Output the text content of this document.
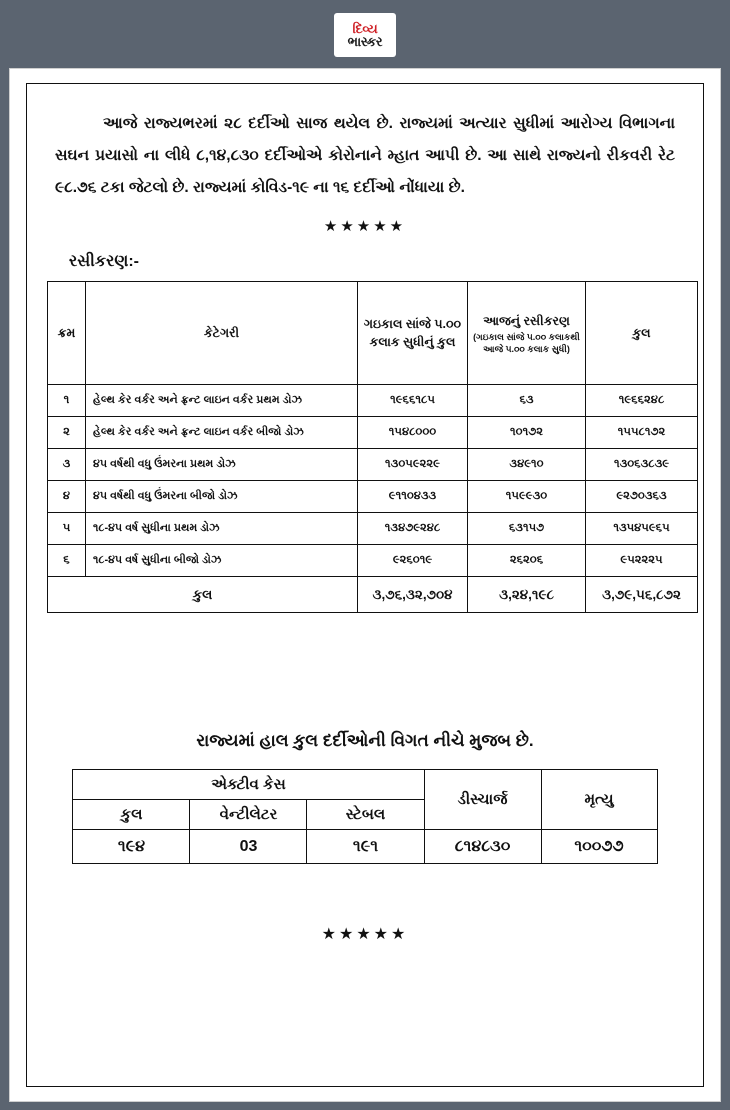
દિવ્ય
ભાસ્કર

આજે રાજ્યભરમાં ૨૮ દર્દીઓ સાજ થયેલ છે. રાજ્યમાં અત્યાર સુધીમાં આરોગ્ય વિભાગના સઘન પ્રયાસો ના લીધે ૮,૧૪,૮૩૦ દર્દીઓએ કોરોનાને મ્હાત આપી છે. આ સાથે રાજ્યનો રીકવરી રેટ ૯૮.૭૬ ટકા જેટલો છે. રાજ્યમાં કોવિડ-૧૯ ના ૧૬ દર્દીઓ નોંધાયા છે.

★★★★★
રસીકરણ:-
ક્રમ	કેટેગરી	ગઇકાલ સાંજે ૫.૦૦ કલાક સુધીનું કુલ	આજનું રસીકરણ
(ગઇકાલ સાંજે ૫.૦૦ કલાકથી આજે ૫.૦૦ કલાક સુધી)	કુલ
૧	હેલ્થ કેર વર્કર અને ફ્રન્ટ લાઇન વર્કર પ્રથમ ડોઝ	૧૯૬૬૧૮૫	૬૩	૧૯૬૬૨૪૮
૨	હેલ્થ કેર વર્કર અને ફ્રન્ટ લાઇન વર્કર બીજો ડોઝ	૧૫૪૮૦૦૦	૧૦૧૭૨	૧૫૫૮૧૭૨
૩	૪૫ વર્ષથી વધુ ઉંમરના પ્રથમ ડોઝ	૧૩૦૫૯૨૨૯	૩૪૯૧૦	૧૩૦૬૩૮૩૯
૪	૪૫ વર્ષથી વધુ ઉંમરના બીજો ડોઝ	૯૧૧૦૪૩૩	૧૫૯૯૩૦	૯૨૭૦૩૬૩
૫	૧૮-૪૫ વર્ષ સુધીના પ્રથમ ડોઝ	૧૩૪૭૯૨૪૮	૬૩૧૫૭	૧૩૫૪૫૯૬૫
૬	૧૮-૪૫ વર્ષ સુધીના બીજો ડોઝ	૯૨૬૦૧૯	૨૬૨૦૬	૯૫૨૨૨૫
કુલ		૩,૭૬,૩૨,૭૦૪	૩,૨૪,૧૯૮	૩,૭૯,૫૬,૮૭૨
રાજ્યમાં હાલ કુલ દર્દીઓની વિગત નીચે મુજબ છે.
એક્ટીવ કેસ			ડીસ્ચાર્જ	મૃત્યુ
કુલ	વેન્ટીલેટર	સ્ટેબલ		
૧૯૪	03	૧૯૧	૮૧૪૮૩૦	૧૦૦૭૭
★★★★★
